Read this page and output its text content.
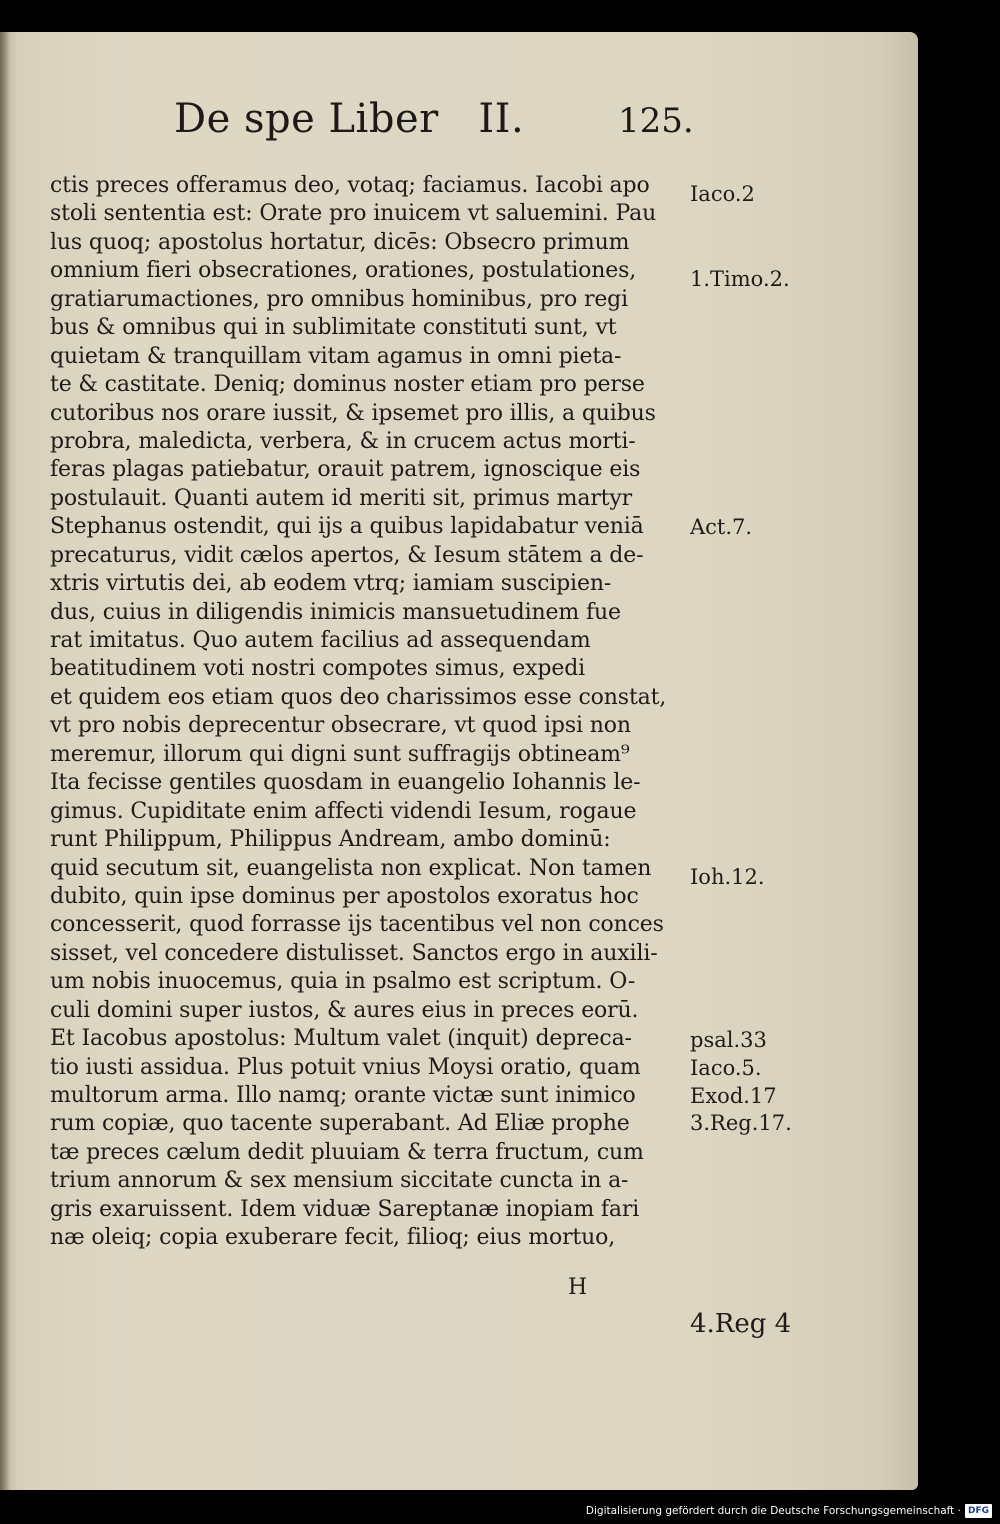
De spe Liber   II.	125.
ctis preces offeramus deo, votaq; faciamus. Iacobi apo
stoli sententia est: Orate pro inuicem vt saluemini. Pau
lus quoq; apostolus hortatur, dicēs: Obsecro primum
omnium fieri obsecrationes, orationes, postulationes,
gratiarumactiones, pro omnibus hominibus, pro regi
bus & omnibus qui in sublimitate constituti sunt, vt
quietam & tranquillam vitam agamus in omni pieta-
te & castitate. Deniq; dominus noster etiam pro perse
cutoribus nos orare iussit, & ipsemet pro illis, a quibus
probra, maledicta, verbera, & in crucem actus morti-
feras plagas patiebatur, orauit patrem, ignoscique eis
postulauit. Quanti autem id meriti sit, primus martyr
Stephanus ostendit, qui ijs a quibus lapidabatur veniā
precaturus, vidit cælos apertos, & Iesum stātem a de-
xtris virtutis dei, ab eodem vtrq; iamiam suscipien-
dus, cuius in diligendis inimicis mansuetudinem fue
rat imitatus. Quo autem facilius ad assequendam
beatitudinem voti nostri compotes simus, expedi
et quidem eos etiam quos deo charissimos esse constat,
vt pro nobis deprecentur obsecrare, vt quod ipsi non
meremur, illorum qui digni sunt suffragijs obtineam⁹
Ita fecisse gentiles quosdam in euangelio Iohannis le-
gimus. Cupiditate enim affecti videndi Iesum, rogaue
runt Philippum, Philippus Andream, ambo dominū:
quid secutum sit, euangelista non explicat. Non tamen
dubito, quin ipse dominus per apostolos exoratus hoc
concesserit, quod forrasse ijs tacentibus vel non conces
sisset, vel concedere distulisset. Sanctos ergo in auxili-
um nobis inuocemus, quia in psalmo est scriptum. O-
culi domini super iustos, & aures eius in preces eorū.
Et Iacobus apostolus: Multum valet (inquit) depreca-
tio iusti assidua. Plus potuit vnius Moysi oratio, quam
multorum arma. Illo namq; orante victæ sunt inimico
rum copiæ, quo tacente superabant. Ad Eliæ prophe
tæ preces cælum dedit pluuiam & terra fructum, cum
trium annorum & sex mensium siccitate cuncta in a-
gris exaruissent. Idem viduæ Sareptanæ inopiam fari
næ oleiq; copia exuberare fecit, filioq; eius mortuo,
Iaco.2
1.Timo.2.
Act.7.
Ioh.12.
psal.33
Iaco.5.
Exod.17
3.Reg.17.
4.Reg 4
H
Digitalisierung gefördert durch die Deutsche Forschungsgemeinschaft · DFG
